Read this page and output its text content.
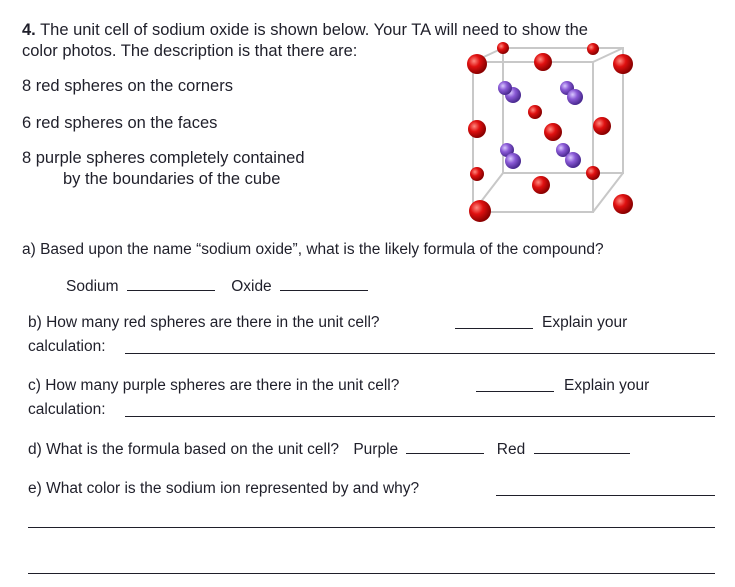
4. The unit cell of sodium oxide is shown below. Your TA will need to show the
color photos. The description is that there are:
8 red spheres on the corners
6 red spheres on the faces
8 purple spheres completely contained
by the boundaries of the cube
a) Based upon the name “sodium oxide”, what is the likely formula of the compound?
Sodium	Oxide
b) How many red spheres are there in the unit cell?	Explain your
calculation:
c) How many purple spheres are there in the unit cell?	Explain your
calculation:
d) What is the formula based on the unit cell? Purple	Red
e) What color is the sodium ion represented by and why?
